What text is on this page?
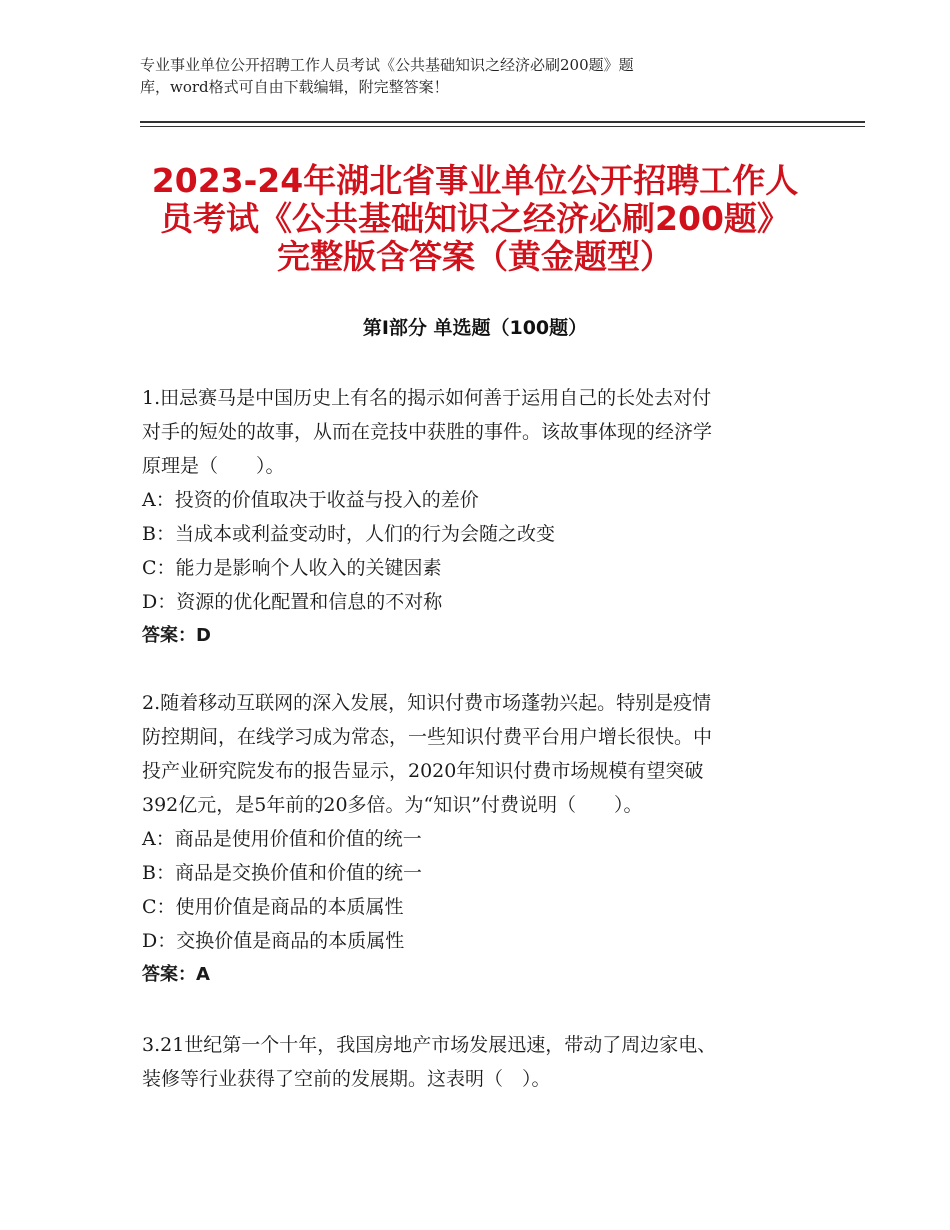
专业事业单位公开招聘工作人员考试《公共基础知识之经济必刷200题》题
库，word格式可自由下载编辑，附完整答案！
2023-24年湖北省事业单位公开招聘工作人
员考试《公共基础知识之经济必刷200题》
完整版含答案（黄金题型）
第Ⅰ部分 单选题（100题）

1.田忌赛马是中国历史上有名的揭示如何善于运用自己的长处去对付

对手的短处的故事，从而在竞技中获胜的事件。该故事体现的经济学

原理是（　　）。

A：投资的价值取决于收益与投入的差价

B：当成本或利益变动时，人们的行为会随之改变

C：能力是影响个人收入的关键因素

D：资源的优化配置和信息的不对称

答案：D

2.随着移动互联网的深入发展，知识付费市场蓬勃兴起。特别是疫情

防控期间，在线学习成为常态，一些知识付费平台用户增长很快。中

投产业研究院发布的报告显示，2020年知识付费市场规模有望突破

392亿元，是5年前的20多倍。为“知识”付费说明（　　）。

A：商品是使用价值和价值的统一

B：商品是交换价值和价值的统一

C：使用价值是商品的本质属性

D：交换价值是商品的本质属性

答案：A

3.21世纪第一个十年，我国房地产市场发展迅速，带动了周边家电、

装修等行业获得了空前的发展期。这表明（　）。
